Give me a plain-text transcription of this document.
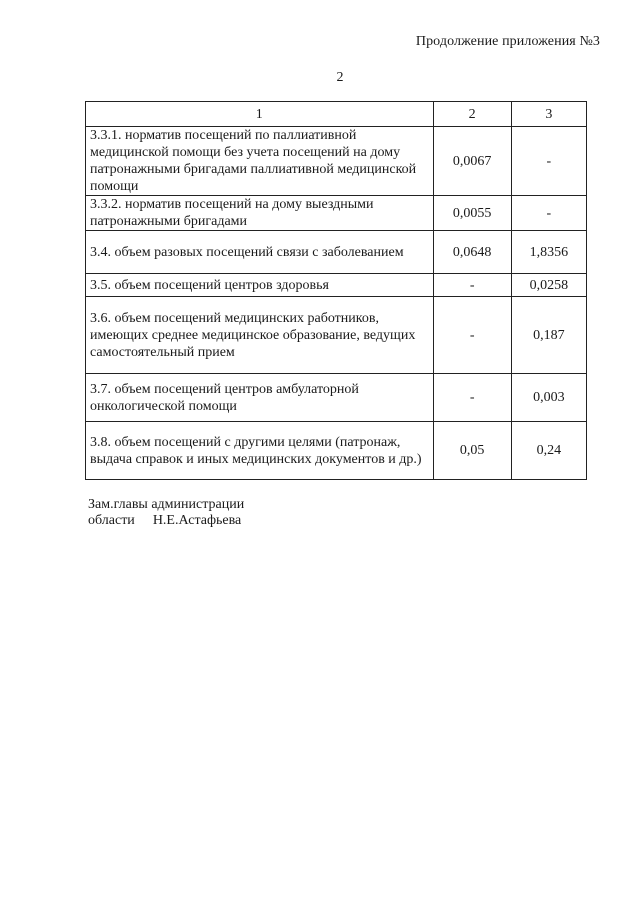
Продолжение приложения №3
2
1	2	3
3.3.1. норматив посещений по паллиативной медицинской помощи без учета посещений на дому патронажными бригадами паллиативной медицинской помощи	0,0067	-
3.3.2. норматив посещений на дому выездными патронажными бригадами	0,0055	-
3.4. объем разовых посещений связи с заболеванием	0,0648	1,8356
3.5. объем посещений центров здоровья	-	0,0258
3.6. объем посещений медицинских работников, имеющих среднее медицинское образование, ведущих самостоятельный прием	-	0,187
3.7. объем посещений центров амбулаторной онкологической помощи	-	0,003
3.8. объем посещений с другими целями (патронаж, выдача справок и иных медицинских документов и др.)	0,05	0,24
Зам.главы администрации
области Н.Е.Астафьева
